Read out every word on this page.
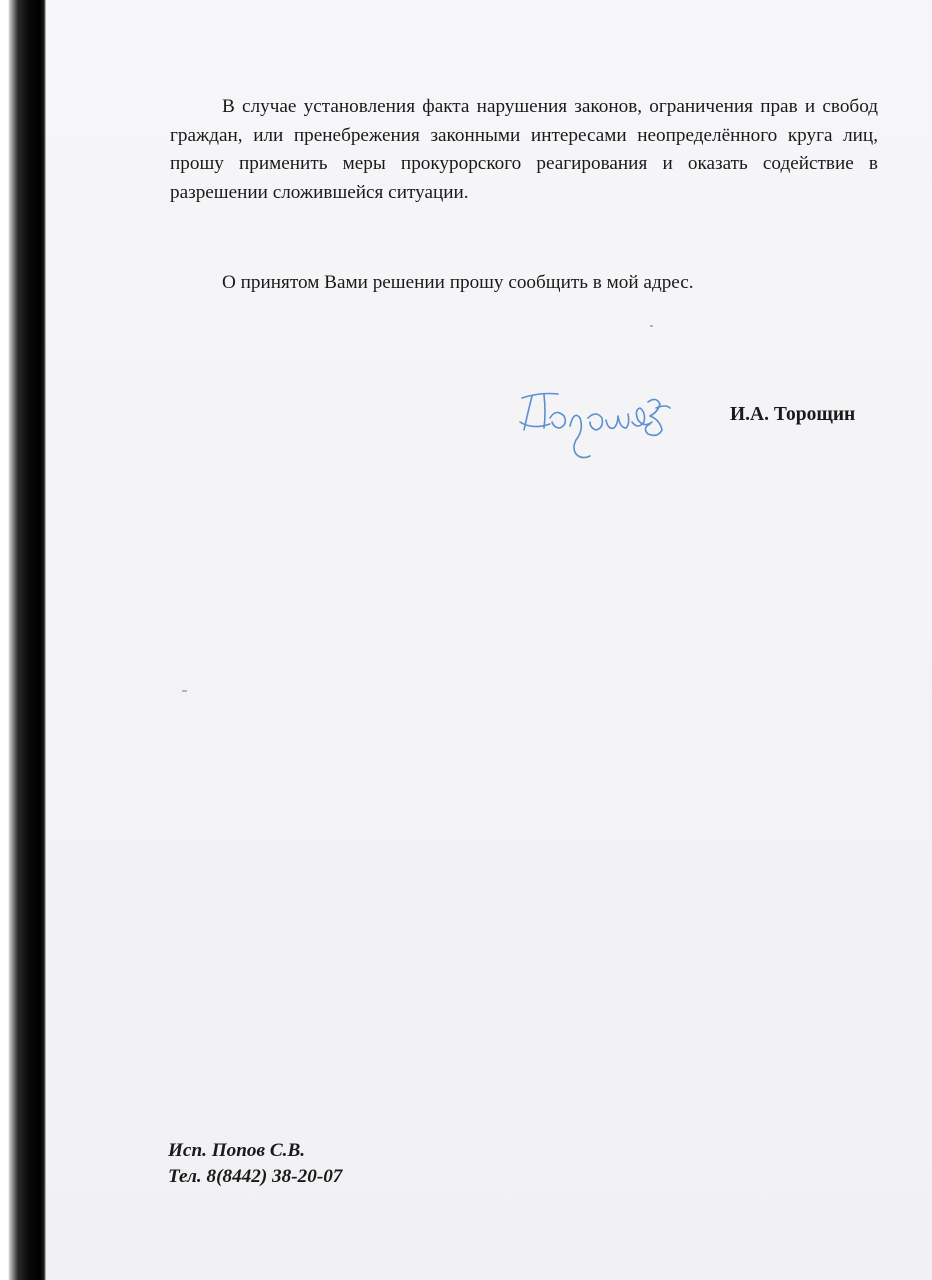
В случае установления факта нарушения законов, ограничения прав и свобод граждан, или пренебрежения законными интересами неопределённого круга лиц, прошу применить меры прокурорского реагирования и оказать содействие в разрешении сложившейся ситуации.

О принятом Вами решении прошу сообщить в мой адрес.

И.А. Торощин
Исп. Попов С.В.
Тел. 8(8442) 38-20-07
